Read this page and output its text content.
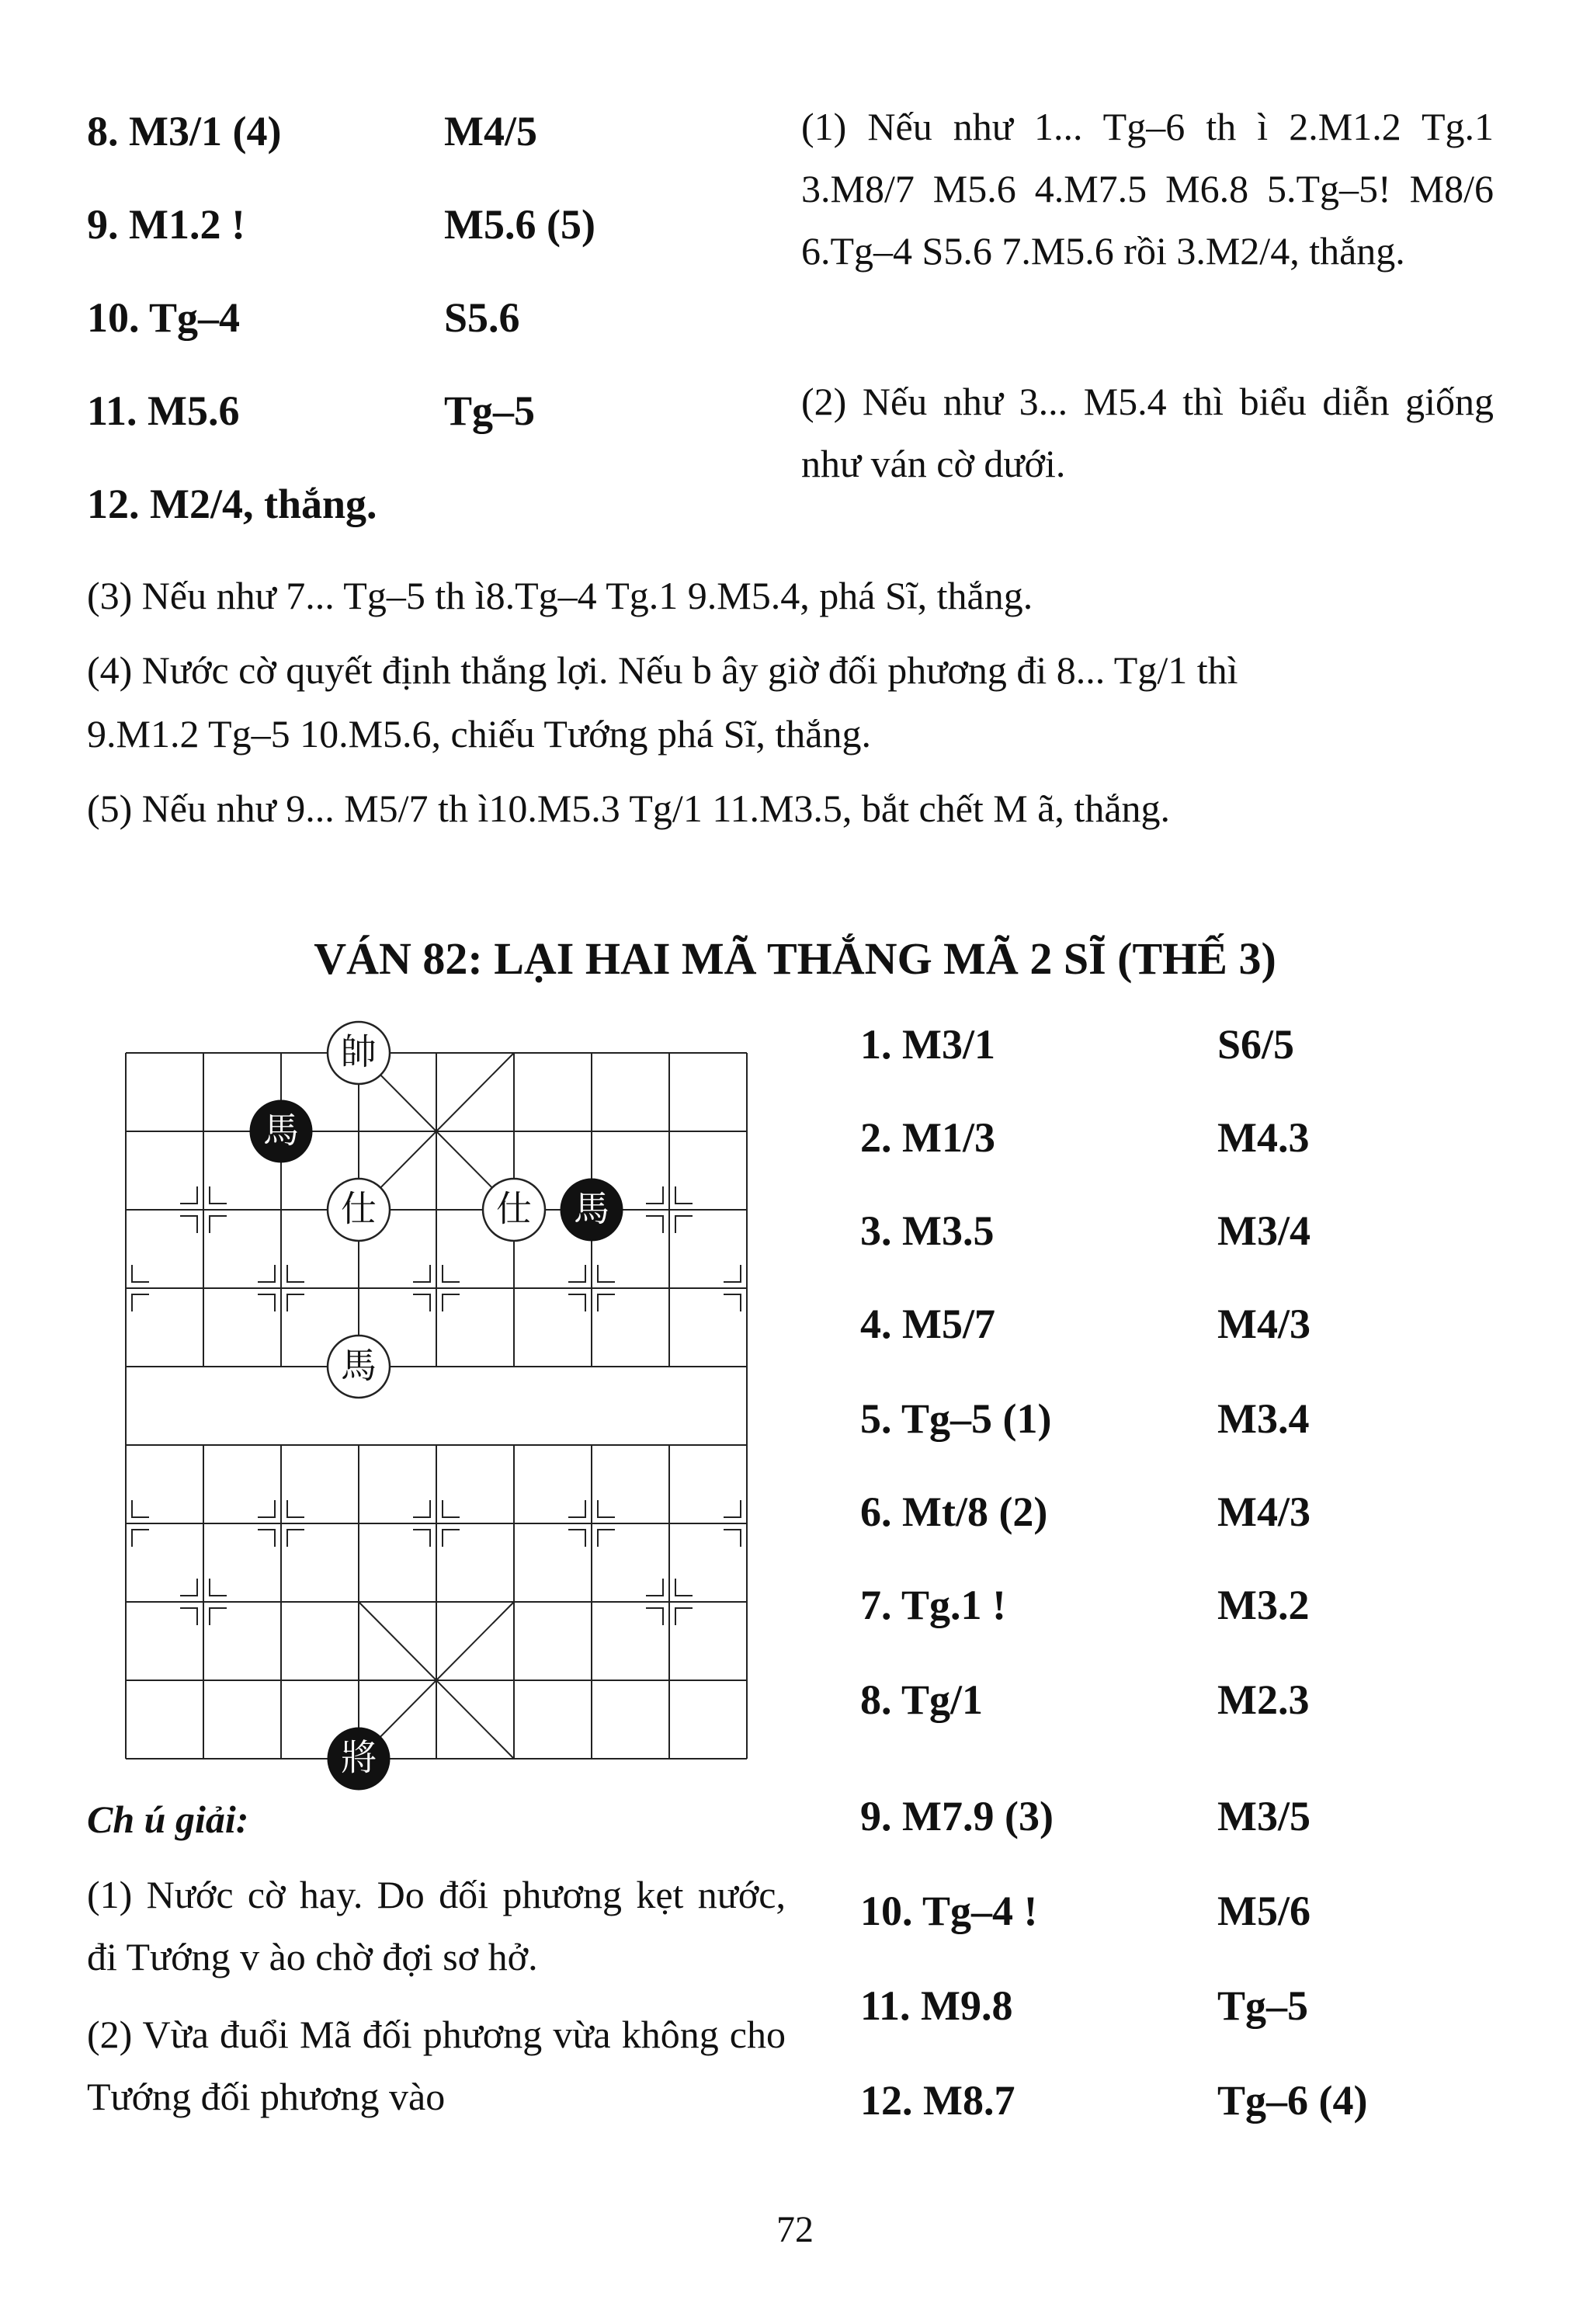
8. M3/1 (4)	M4/5
9. M1.2 !	M5.6 (5)
10. Tg–4	S5.6
11. M5.6	Tg–5
12. M2/4, thắng.
(1) Nếu như 1... Tg–6 th ì 2.M1.2 Tg.1 3.M8/7 M5.6 4.M7.5 M6.8 5.Tg–5! M8/6 6.Tg–4 S5.6 7.M5.6 rồi 3.M2/4, thắng.
(2) Nếu như 3... M5.4 thì biểu diễn giống như ván cờ dưới.
(3) Nếu như 7... Tg–5 th ì8.Tg–4 Tg.1 9.M5.4, phá Sĩ, thắng.
(4) Nước cờ quyết định thắng lợi. Nếu b ây giờ đối phương đi 8... Tg/1 thì
9.M1.2 Tg–5 10.M5.6, chiếu Tướng phá Sĩ, thắng.
(5) Nếu như 9... M5/7 th ì10.M5.3 Tg/1 11.M3.5, bắt chết M ã, thắng.
VÁN 82: LẠI HAI MÃ THẮNG MÃ 2 SĨ (THẾ 3)
帥
馬
仕	仕 馬
馬
將
1. M3/1	S6/5
2. M1/3	M4.3
3. M3.5	M3/4
4. M5/7	M4/3
5. Tg–5 (1)	M3.4
6. Mt/8 (2)	M4/3
7. Tg.1 !	M3.2
8. Tg/1	M2.3
9. M7.9 (3)	M3/5
10. Tg–4 !	M5/6
11. M9.8	Tg–5
12. M8.7	Tg–6 (4)
Ch ú giải:
(1) Nước cờ hay. Do đối phương kẹt nước, đi Tướng v ào chờ đợi sơ hở.
(2) Vừa đuổi Mã đối phương vừa không cho Tướng đối phương vào
72
